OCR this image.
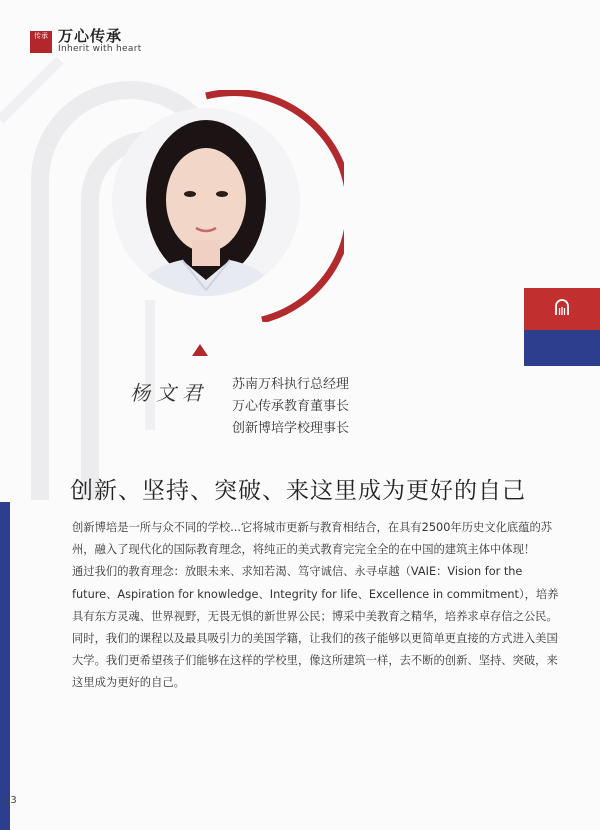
传承 万心传承
Inherit with heart
杨文君 苏南万科执行总经理
万心传承教育董事长
创新博培学校理事长
创新、坚持、突破、来这里成为更好的自己

创新博培是一所与众不同的学校...它将城市更新与教育相结合，在具有2500年历史文化底蕴的苏州，融入了现代化的国际教育理念，将纯正的美式教育完完全全的在中国的建筑主体中体现！

通过我们的教育理念：放眼未来、求知若渴、笃守诚信、永寻卓越（VAIE：Vision for the future、Aspiration for knowledge、Integrity for life、Excellence in commitment），培养具有东方灵魂、世界视野，无畏无惧的新世界公民；博采中美教育之精华，培养求卓存信之公民。

同时，我们的课程以及最具吸引力的美国学籍，让我们的孩子能够以更简单更直接的方式进入美国大学。我们更希望孩子们能够在这样的学校里，像这所建筑一样，去不断的创新、坚持、突破，来这里成为更好的自己。

03
